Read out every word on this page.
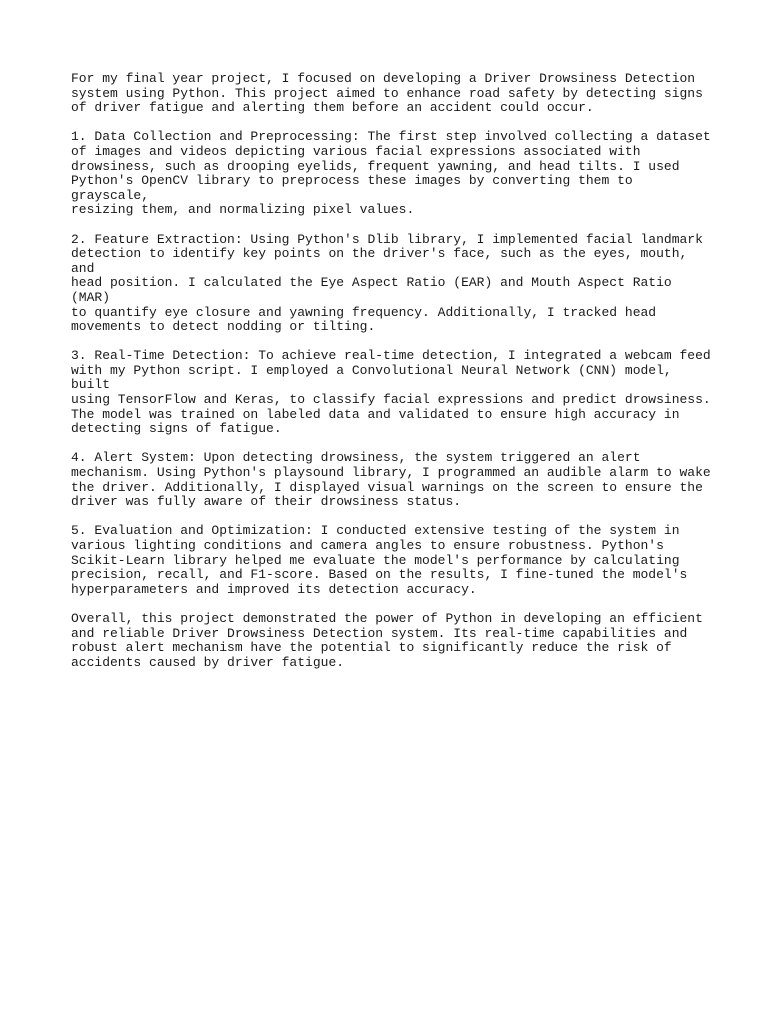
For my final year project, I focused on developing a Driver Drowsiness Detection
system using Python. This project aimed to enhance road safety by detecting signs
of driver fatigue and alerting them before an accident could occur.

1. Data Collection and Preprocessing: The first step involved collecting a dataset
of images and videos depicting various facial expressions associated with
drowsiness, such as drooping eyelids, frequent yawning, and head tilts. I used
Python's OpenCV library to preprocess these images by converting them to grayscale,
resizing them, and normalizing pixel values.

2. Feature Extraction: Using Python's Dlib library, I implemented facial landmark
detection to identify key points on the driver's face, such as the eyes, mouth, and
head position. I calculated the Eye Aspect Ratio (EAR) and Mouth Aspect Ratio (MAR)
to quantify eye closure and yawning frequency. Additionally, I tracked head
movements to detect nodding or tilting.

3. Real-Time Detection: To achieve real-time detection, I integrated a webcam feed
with my Python script. I employed a Convolutional Neural Network (CNN) model, built
using TensorFlow and Keras, to classify facial expressions and predict drowsiness.
The model was trained on labeled data and validated to ensure high accuracy in
detecting signs of fatigue.

4. Alert System: Upon detecting drowsiness, the system triggered an alert
mechanism. Using Python's playsound library, I programmed an audible alarm to wake
the driver. Additionally, I displayed visual warnings on the screen to ensure the
driver was fully aware of their drowsiness status.

5. Evaluation and Optimization: I conducted extensive testing of the system in
various lighting conditions and camera angles to ensure robustness. Python's
Scikit-Learn library helped me evaluate the model's performance by calculating
precision, recall, and F1-score. Based on the results, I fine-tuned the model's
hyperparameters and improved its detection accuracy.

Overall, this project demonstrated the power of Python in developing an efficient
and reliable Driver Drowsiness Detection system. Its real-time capabilities and
robust alert mechanism have the potential to significantly reduce the risk of
accidents caused by driver fatigue.
